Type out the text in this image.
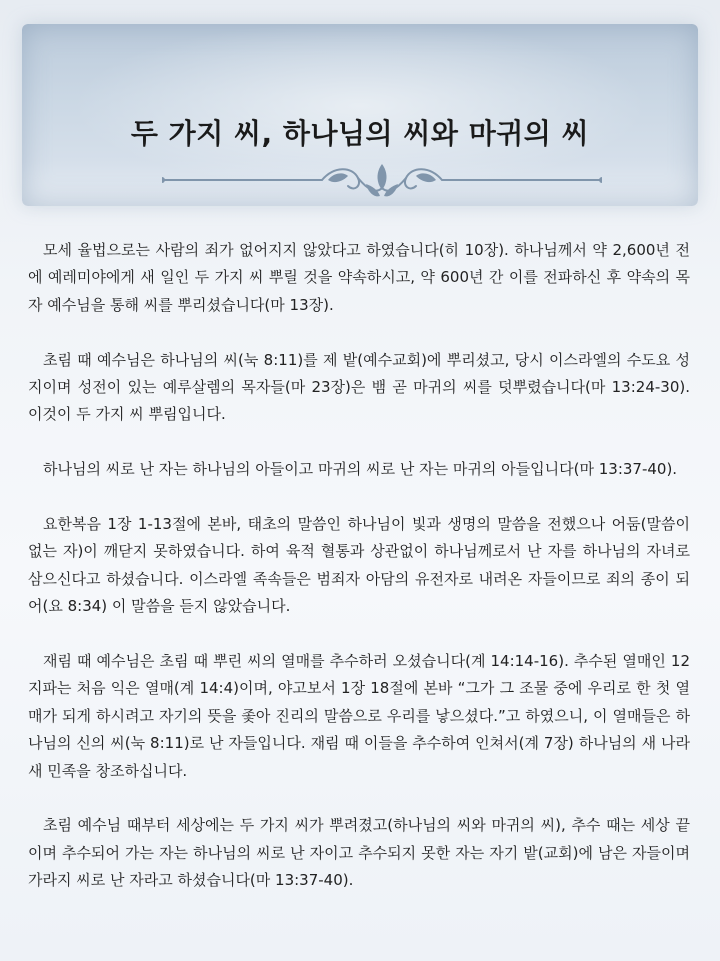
두 가지 씨, 하나님의 씨와 마귀의 씨

모세 율법으로는 사람의 죄가 없어지지 않았다고 하였습니다(히 10장). 하나님께서 약 2,600년 전에 예레미야에게 새 일인 두 가지 씨 뿌릴 것을 약속하시고, 약 600년 간 이를 전파하신 후 약속의 목자 예수님을 통해 씨를 뿌리셨습니다(마 13장).

초림 때 예수님은 하나님의 씨(눅 8:11)를 제 밭(예수교회)에 뿌리셨고, 당시 이스라엘의 수도요 성지이며 성전이 있는 예루살렘의 목자들(마 23장)은 뱀 곧 마귀의 씨를 덧뿌렸습니다(마 13:24-30). 이것이 두 가지 씨 뿌림입니다.

하나님의 씨로 난 자는 하나님의 아들이고 마귀의 씨로 난 자는 마귀의 아들입니다(마 13:37-40).

요한복음 1장 1-13절에 본바, 태초의 말씀인 하나님이 빛과 생명의 말씀을 전했으나 어둠(말씀이 없는 자)이 깨닫지 못하였습니다. 하여 육적 혈통과 상관없이 하나님께로서 난 자를 하나님의 자녀로 삼으신다고 하셨습니다. 이스라엘 족속들은 범죄자 아담의 유전자로 내려온 자들이므로 죄의 종이 되어(요 8:34) 이 말씀을 듣지 않았습니다.

재림 때 예수님은 초림 때 뿌린 씨의 열매를 추수하러 오셨습니다(계 14:14-16). 추수된 열매인 12지파는 처음 익은 열매(계 14:4)이며, 야고보서 1장 18절에 본바 “그가 그 조물 중에 우리로 한 첫 열매가 되게 하시려고 자기의 뜻을 좇아 진리의 말씀으로 우리를 낳으셨다.”고 하였으니, 이 열매들은 하나님의 신의 씨(눅 8:11)로 난 자들입니다. 재림 때 이들을 추수하여 인쳐서(계 7장) 하나님의 새 나라 새 민족을 창조하십니다.

초림 예수님 때부터 세상에는 두 가지 씨가 뿌려졌고(하나님의 씨와 마귀의 씨), 추수 때는 세상 끝이며 추수되어 가는 자는 하나님의 씨로 난 자이고 추수되지 못한 자는 자기 밭(교회)에 남은 자들이며 가라지 씨로 난 자라고 하셨습니다(마 13:37-40).
